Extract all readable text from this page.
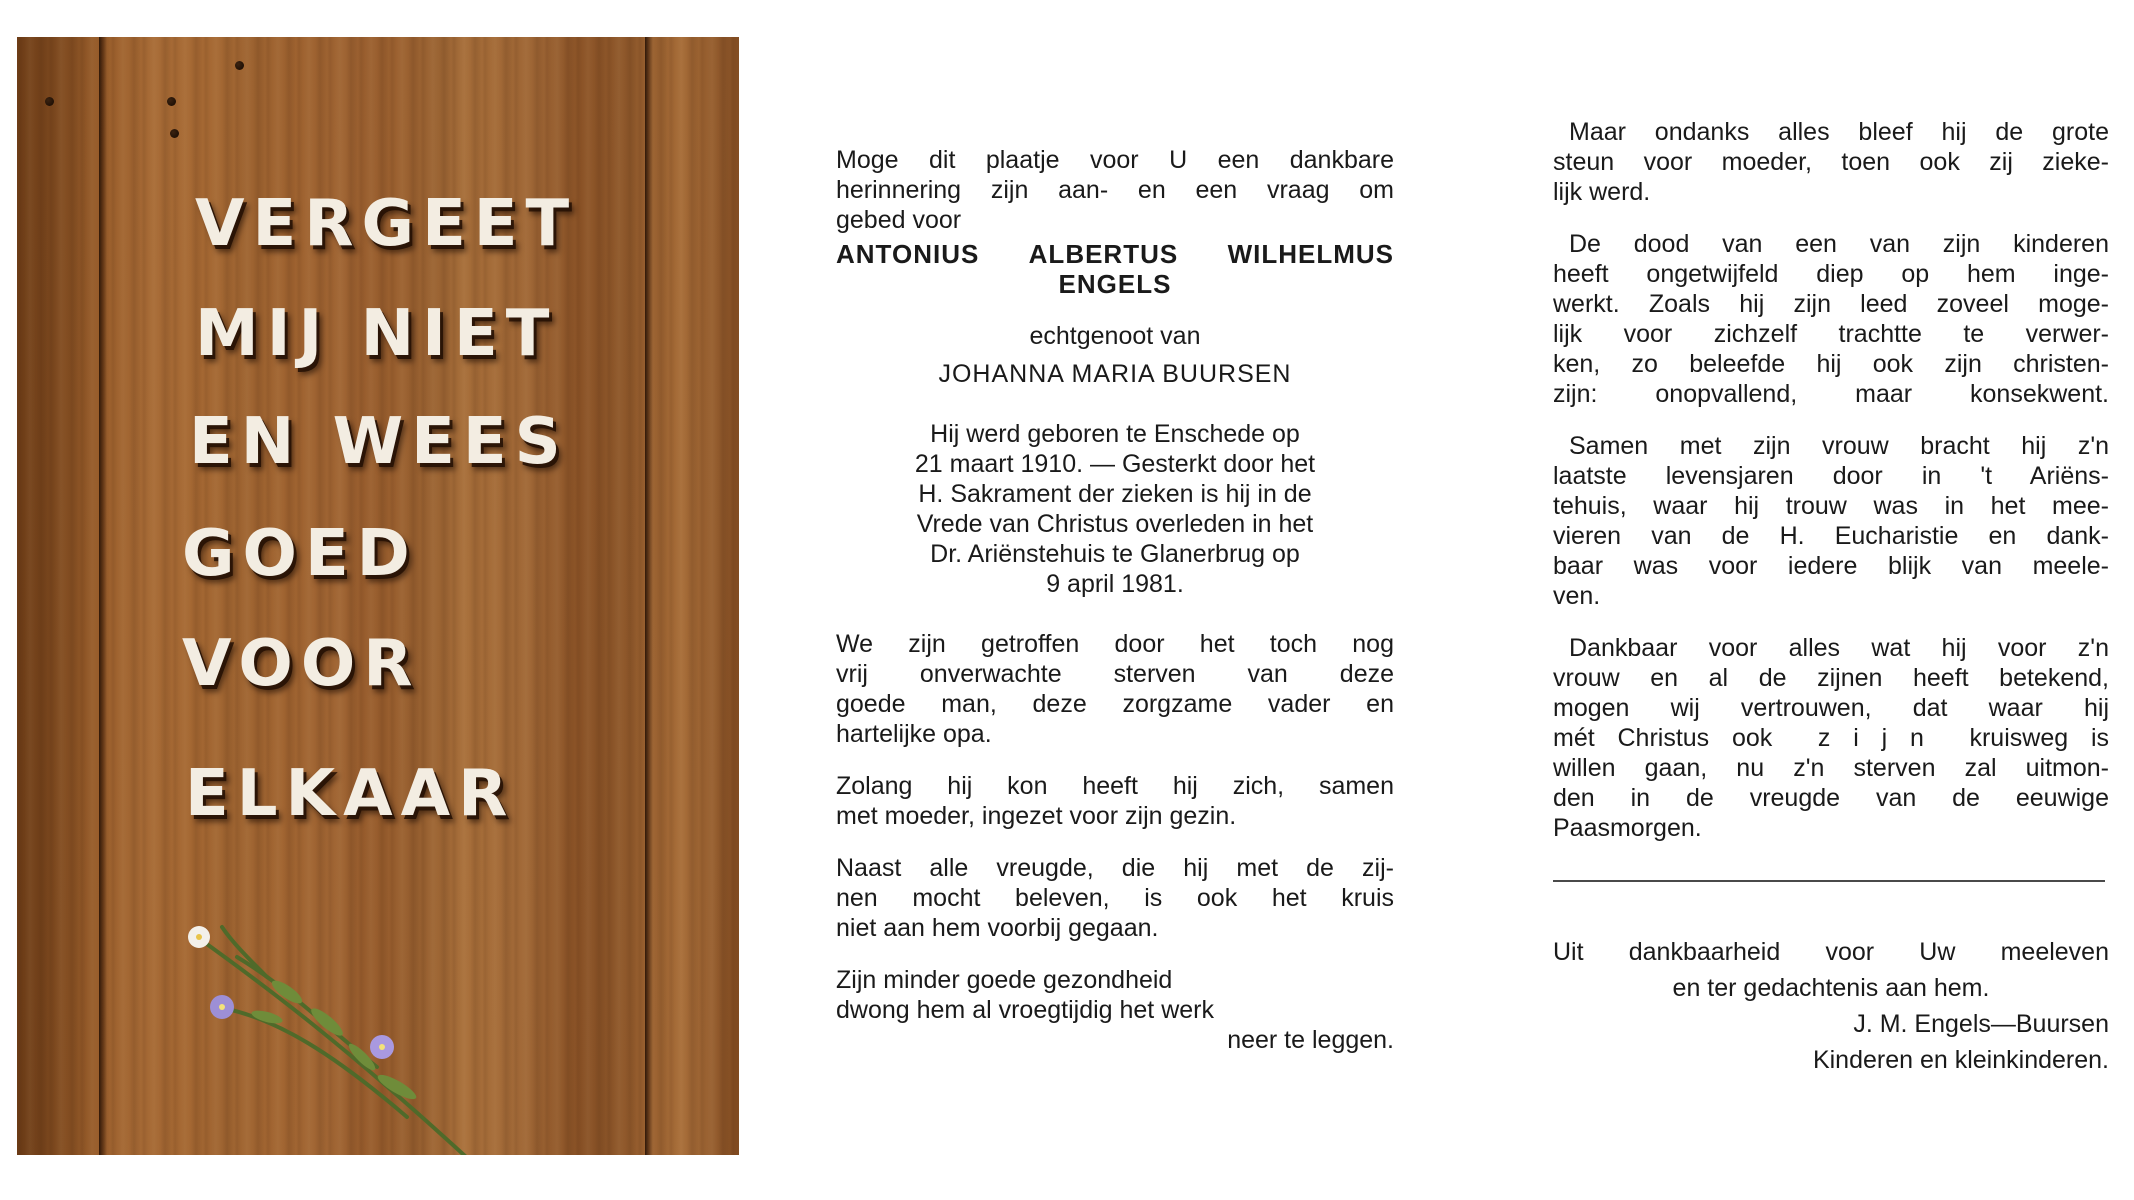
VERGEET

MIJ NIET

EN WEES

GOED

VOOR

ELKAAR

Moge dit plaatje voor U een dankbare

herinnering zijn aan- en een vraag om

gebed voor

ANTONIUS ALBERTUS WILHELMUS

ENGELS

echtgenoot van

JOHANNA MARIA BUURSEN

Hij werd geboren te Enschede op

21 maart 1910. — Gesterkt door het

H. Sakrament der zieken is hij in de

Vrede van Christus overleden in het

Dr. Ariënstehuis te Glanerbrug op

9 april 1981.

We zijn getroffen door het toch nog

vrij onverwachte sterven van deze

goede man, deze zorgzame vader en

hartelijke opa.

Zolang hij kon heeft hij zich, samen

met moeder, ingezet voor zijn gezin.

Naast alle vreugde, die hij met de zij-

nen mocht beleven, is ook het kruis

niet aan hem voorbij gegaan.

Zijn minder goede gezondheid

dwong hem al vroegtijdig het werk

neer te leggen.

Maar ondanks alles bleef hij de grote

steun voor moeder, toen ook zij zieke-

lijk werd.

De dood van een van zijn kinderen

heeft ongetwijfeld diep op hem inge-

werkt. Zoals hij zijn leed zoveel moge-

lijk voor zichzelf trachtte te verwer-

ken, zo beleefde hij ook zijn christen-

zijn: onopvallend, maar konsekwent.

Samen met zijn vrouw bracht hij z'n

laatste levensjaren door in 't Ariëns-

tehuis, waar hij trouw was in het mee-

vieren van de H. Eucharistie en dank-

baar was voor iedere blijk van meele-

ven.

Dankbaar voor alles wat hij voor z'n

vrouw en al de zijnen heeft betekend,

mogen wij vertrouwen, dat waar hij

mét Christus ook  z i j n  kruisweg is

willen gaan, nu z'n sterven zal uitmon-

den in de vreugde van de eeuwige

Paasmorgen.

Uit dankbaarheid voor Uw meeleven

en ter gedachtenis aan hem.

J. M. Engels—Buursen

Kinderen en kleinkinderen.
